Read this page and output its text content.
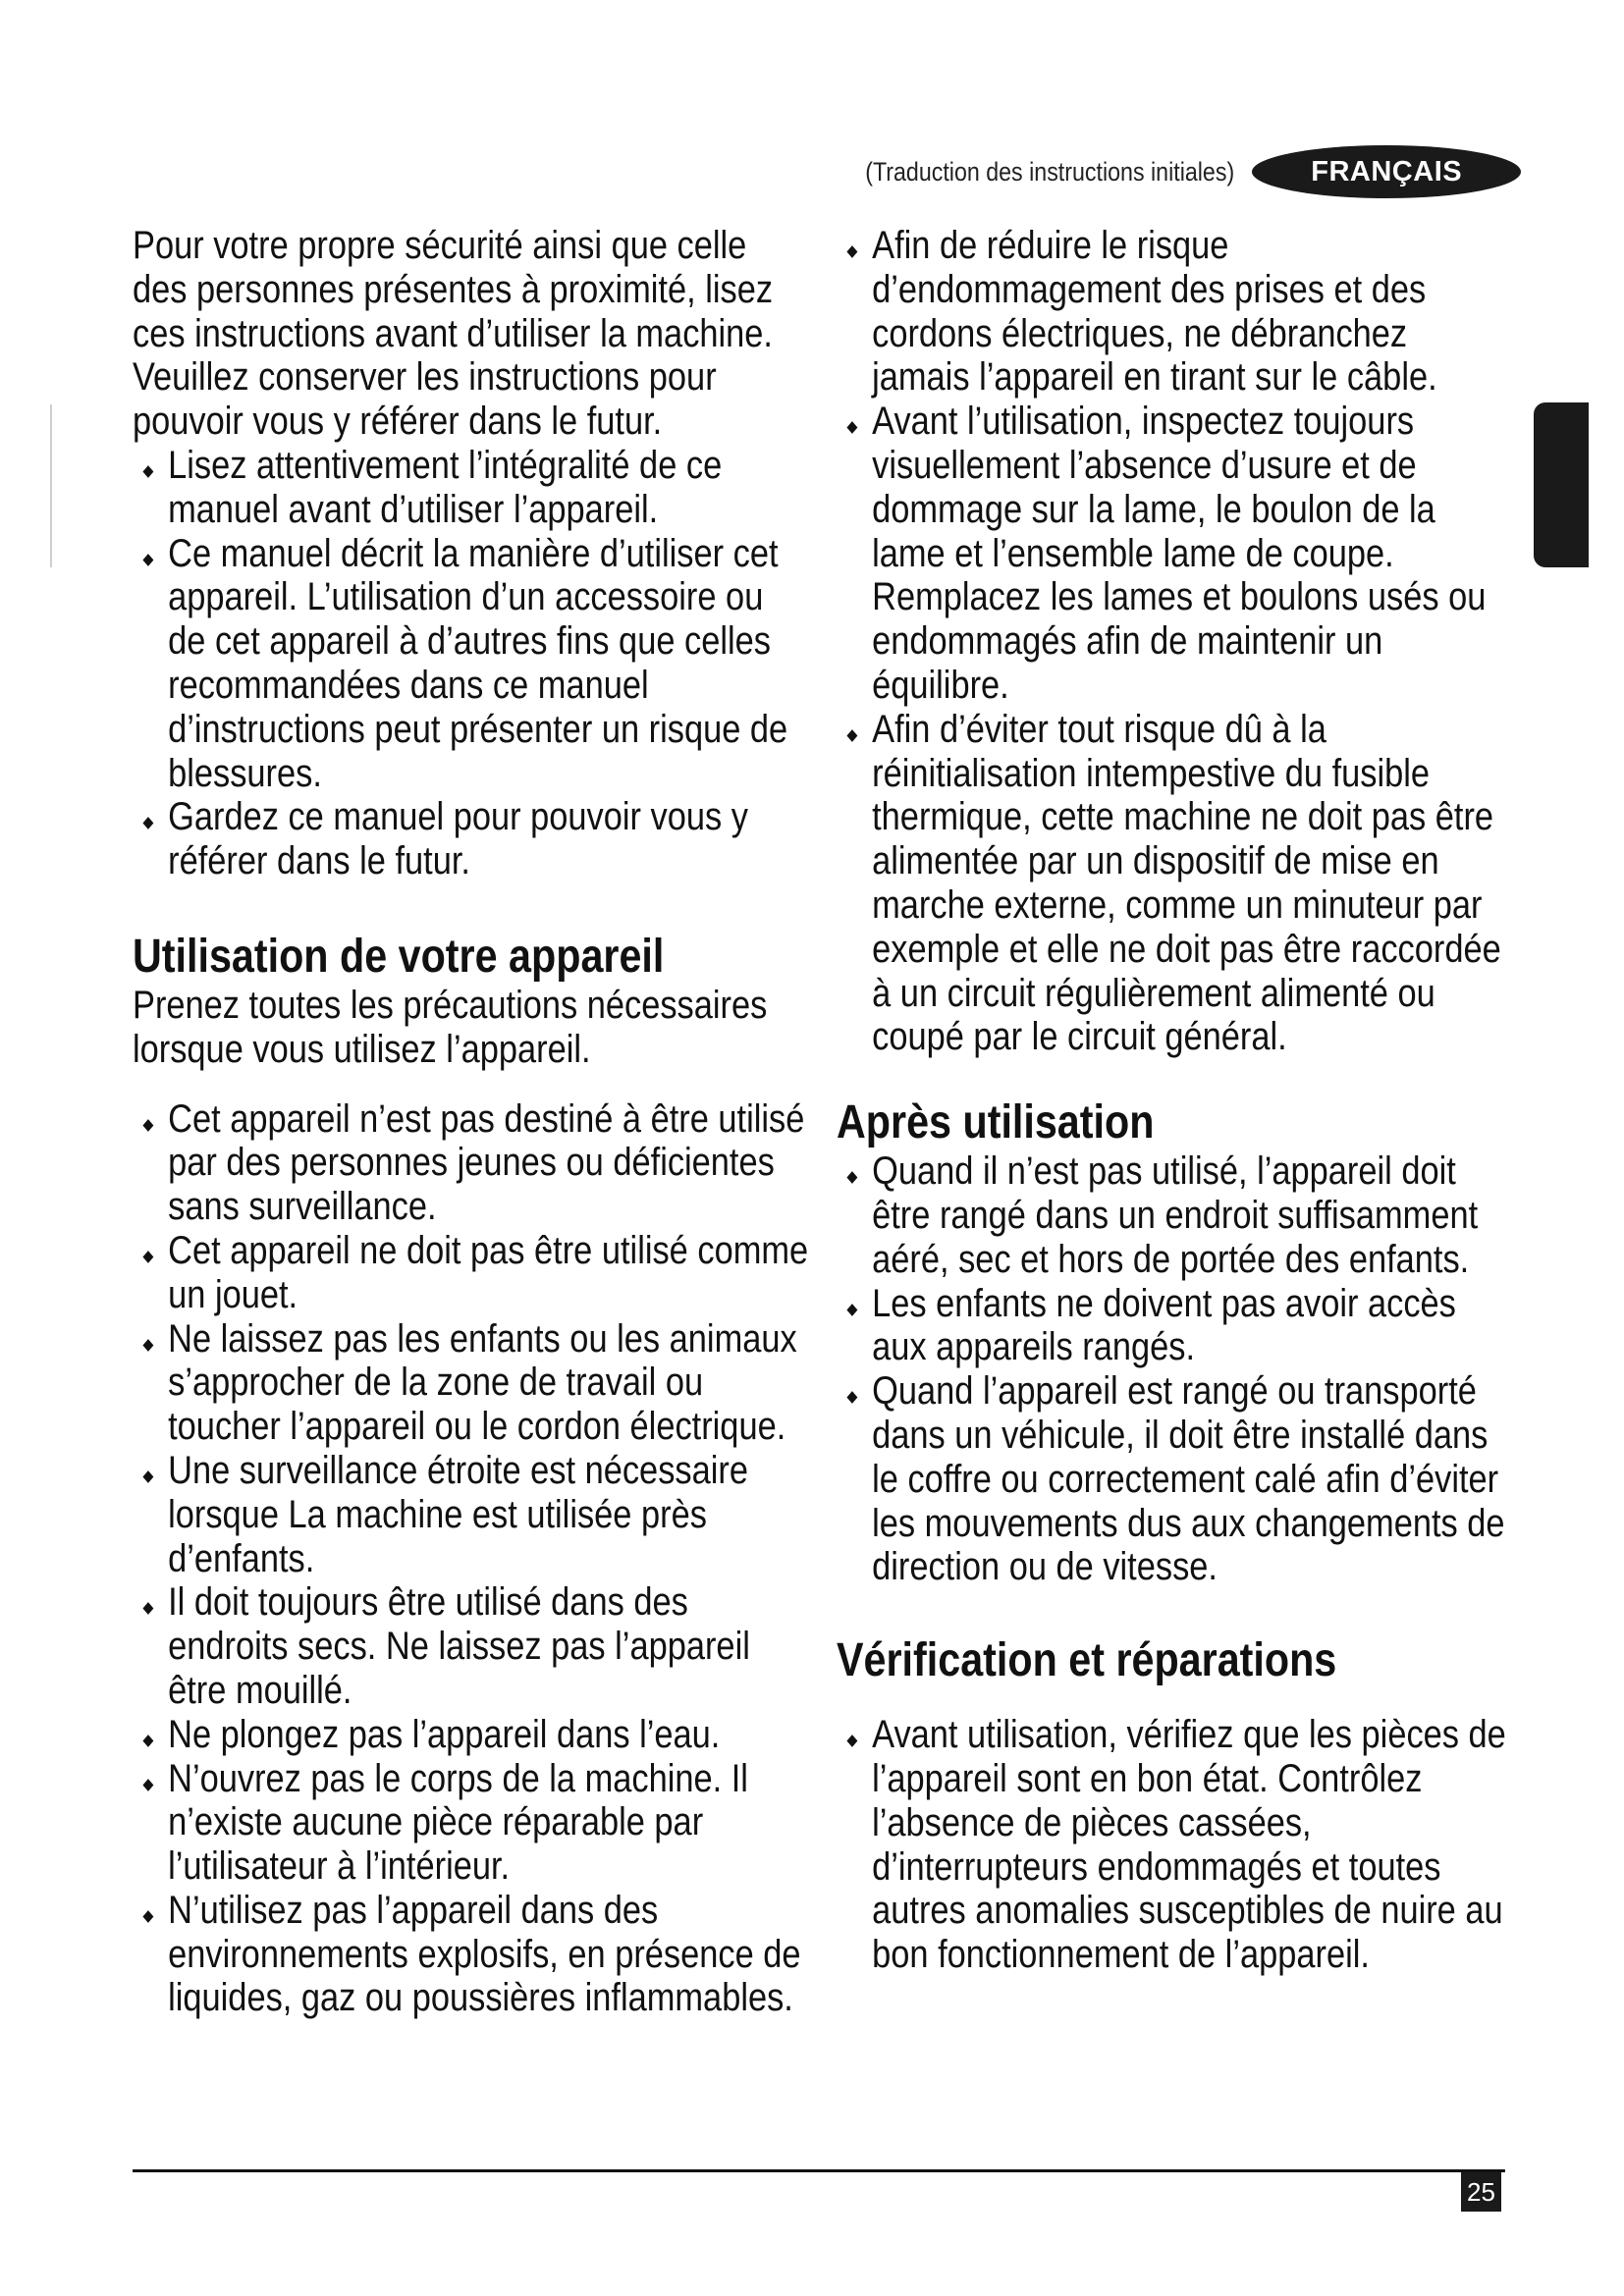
(Traduction des instructions initiales)	FRANÇAIS

Pour votre propre sécurité ainsi que celle des personnes présentes à proximité, lisez ces instructions avant d’utiliser la machine. Veuillez conserver les instructions pour pouvoir vous y référer dans le futur.

Lisez attentivement l’intégralité de ce manuel avant d’utiliser l’appareil.
Ce manuel décrit la manière d’utiliser cet appareil. L’utilisation d’un accessoire ou de cet appareil à d’autres fins que celles recommandées dans ce manuel d’instructions peut présenter un risque de blessures.
Gardez ce manuel pour pouvoir vous y référer dans le futur.
Utilisation de votre appareil

Prenez toutes les précautions nécessaires lorsque vous utilisez l’appareil.

Cet appareil n’est pas destiné à être utilisé par des personnes jeunes ou déficientes sans surveillance.
Cet appareil ne doit pas être utilisé comme un jouet.
Ne laissez pas les enfants ou les animaux s’approcher de la zone de travail ou toucher l’appareil ou le cordon électrique.
Une surveillance étroite est nécessaire lorsque La machine est utilisée près d’enfants.
Il doit toujours être utilisé dans des endroits secs. Ne laissez pas l’appareil être mouillé.
Ne plongez pas l’appareil dans l’eau.
N’ouvrez pas le corps de la machine. Il n’existe aucune pièce réparable par l’utilisateur à l’intérieur.
N’utilisez pas l’appareil dans des environnements explosifs, en présence de liquides, gaz ou poussières inflammables.
Afin de réduire le risque d’endommagement des prises et des cordons électriques, ne débranchez jamais l’appareil en tirant sur le câble.
Avant l’utilisation, inspectez toujours visuellement l’absence d’usure et de dommage sur la lame, le boulon de la lame et l’ensemble lame de coupe. Remplacez les lames et boulons usés ou endommagés afin de maintenir un équilibre.
Afin d’éviter tout risque dû à la réinitialisation intempestive du fusible thermique, cette machine ne doit pas être alimentée par un dispositif de mise en marche externe, comme un minuteur par exemple et elle ne doit pas être raccordée à un circuit régulièrement alimenté ou coupé par le circuit général.
Après utilisation
Quand il n’est pas utilisé, l’appareil doit être rangé dans un endroit suffisamment aéré, sec et hors de portée des enfants.
Les enfants ne doivent pas avoir accès aux appareils rangés.
Quand l’appareil est rangé ou transporté dans un véhicule, il doit être installé dans le coffre ou correctement calé afin d’éviter les mouvements dus aux changements de direction ou de vitesse.
Vérification et réparations
Avant utilisation, vérifiez que les pièces de l’appareil sont en bon état. Contrôlez l’absence de pièces cassées, d’interrupteurs endommagés et toutes autres anomalies susceptibles de nuire au bon fonctionnement de l’appareil.
25
